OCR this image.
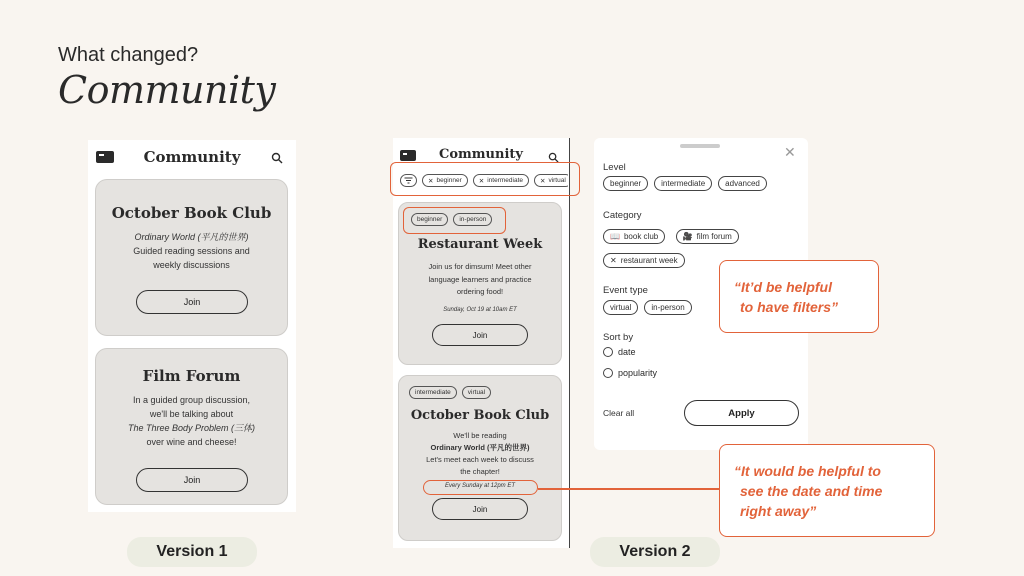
What changed?
Community
Community
October Book Club
Ordinary World (平凡的世界)
Guided reading sessions and
weekly discussions
Join
Film Forum
In a guided group discussion,
we'll be talking about
The Three Body Problem (三体)
over wine and cheese!
Join
Version 1
Community
✕ beginner	✕ intermediate	✕ virtual
beginner	in-person
Restaurant Week
Join us for dimsum! Meet other
language learners and practice
ordering food!
Sunday, Oct 19 at 10am ET
Join
intermediate	virtual
October Book Club
We'll be reading
Ordinary World (平凡的世界)
Let's meet each week to discuss
the chapter!
Every Sunday at 12pm ET
Join
✕
Level
beginner	intermediate	advanced
Category
📖 book club
	🎥 film forum
✕ restaurant week
Event type
virtual	in-person
Sort by
date
popularity
Clear all	Apply
“It’d be helpful
to have filters”
“It would be helpful to
see the date and time
right away”
Version 2
